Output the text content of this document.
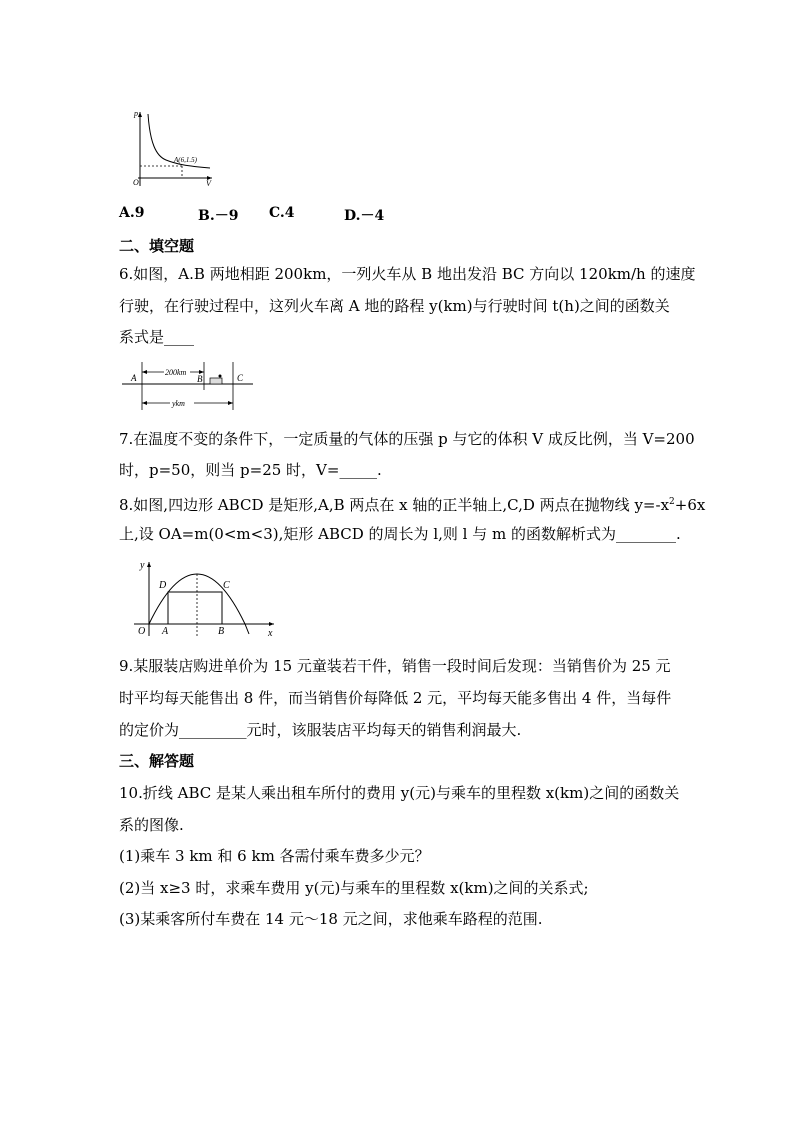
p
V
O
A(6,1.5)
A.9	B.－9 C.4	D.－4
二、填空题
6.如图，A.B 两地相距 200km，一列火车从 B 地出发沿 BC 方向以 120km/h 的速度
行驶，在行驶过程中，这列火车离 A 地的路程 y(km)与行驶时间 t(h)之间的函数关
系式是____
200km
A	B	C
ykm
7.在温度不变的条件下，一定质量的气体的压强 p 与它的体积 V 成反比例，当 V=200
时，p=50，则当 p=25 时，V=_____.
8.如图,四边形 ABCD 是矩形,A,B 两点在 x 轴的正半轴上,C,D 两点在抛物线 $y=-x^2+6x$
上,设 OA=m(0<m<3),矩形 ABCD 的周长为 l,则 l 与 m 的函数解析式为________.
y
x
O A	B
C
D
9.某服装店购进单价为 15 元童装若干件，销售一段时间后发现：当销售价为 25 元
时平均每天能售出 8 件，而当销售价每降低 2 元，平均每天能多售出 4 件，当每件
的定价为_________元时，该服装店平均每天的销售利润最大.
三、解答题
10.折线 ABC 是某人乘出租车所付的费用 y(元)与乘车的里程数 x(km)之间的函数关
系的图像.
(1)乘车 3 km 和 6 km 各需付乘车费多少元？
(2)当 x≥3 时，求乘车费用 y(元)与乘车的里程数 x(km)之间的关系式;
(3)某乘客所付车费在 14 元～18 元之间，求他乘车路程的范围.
